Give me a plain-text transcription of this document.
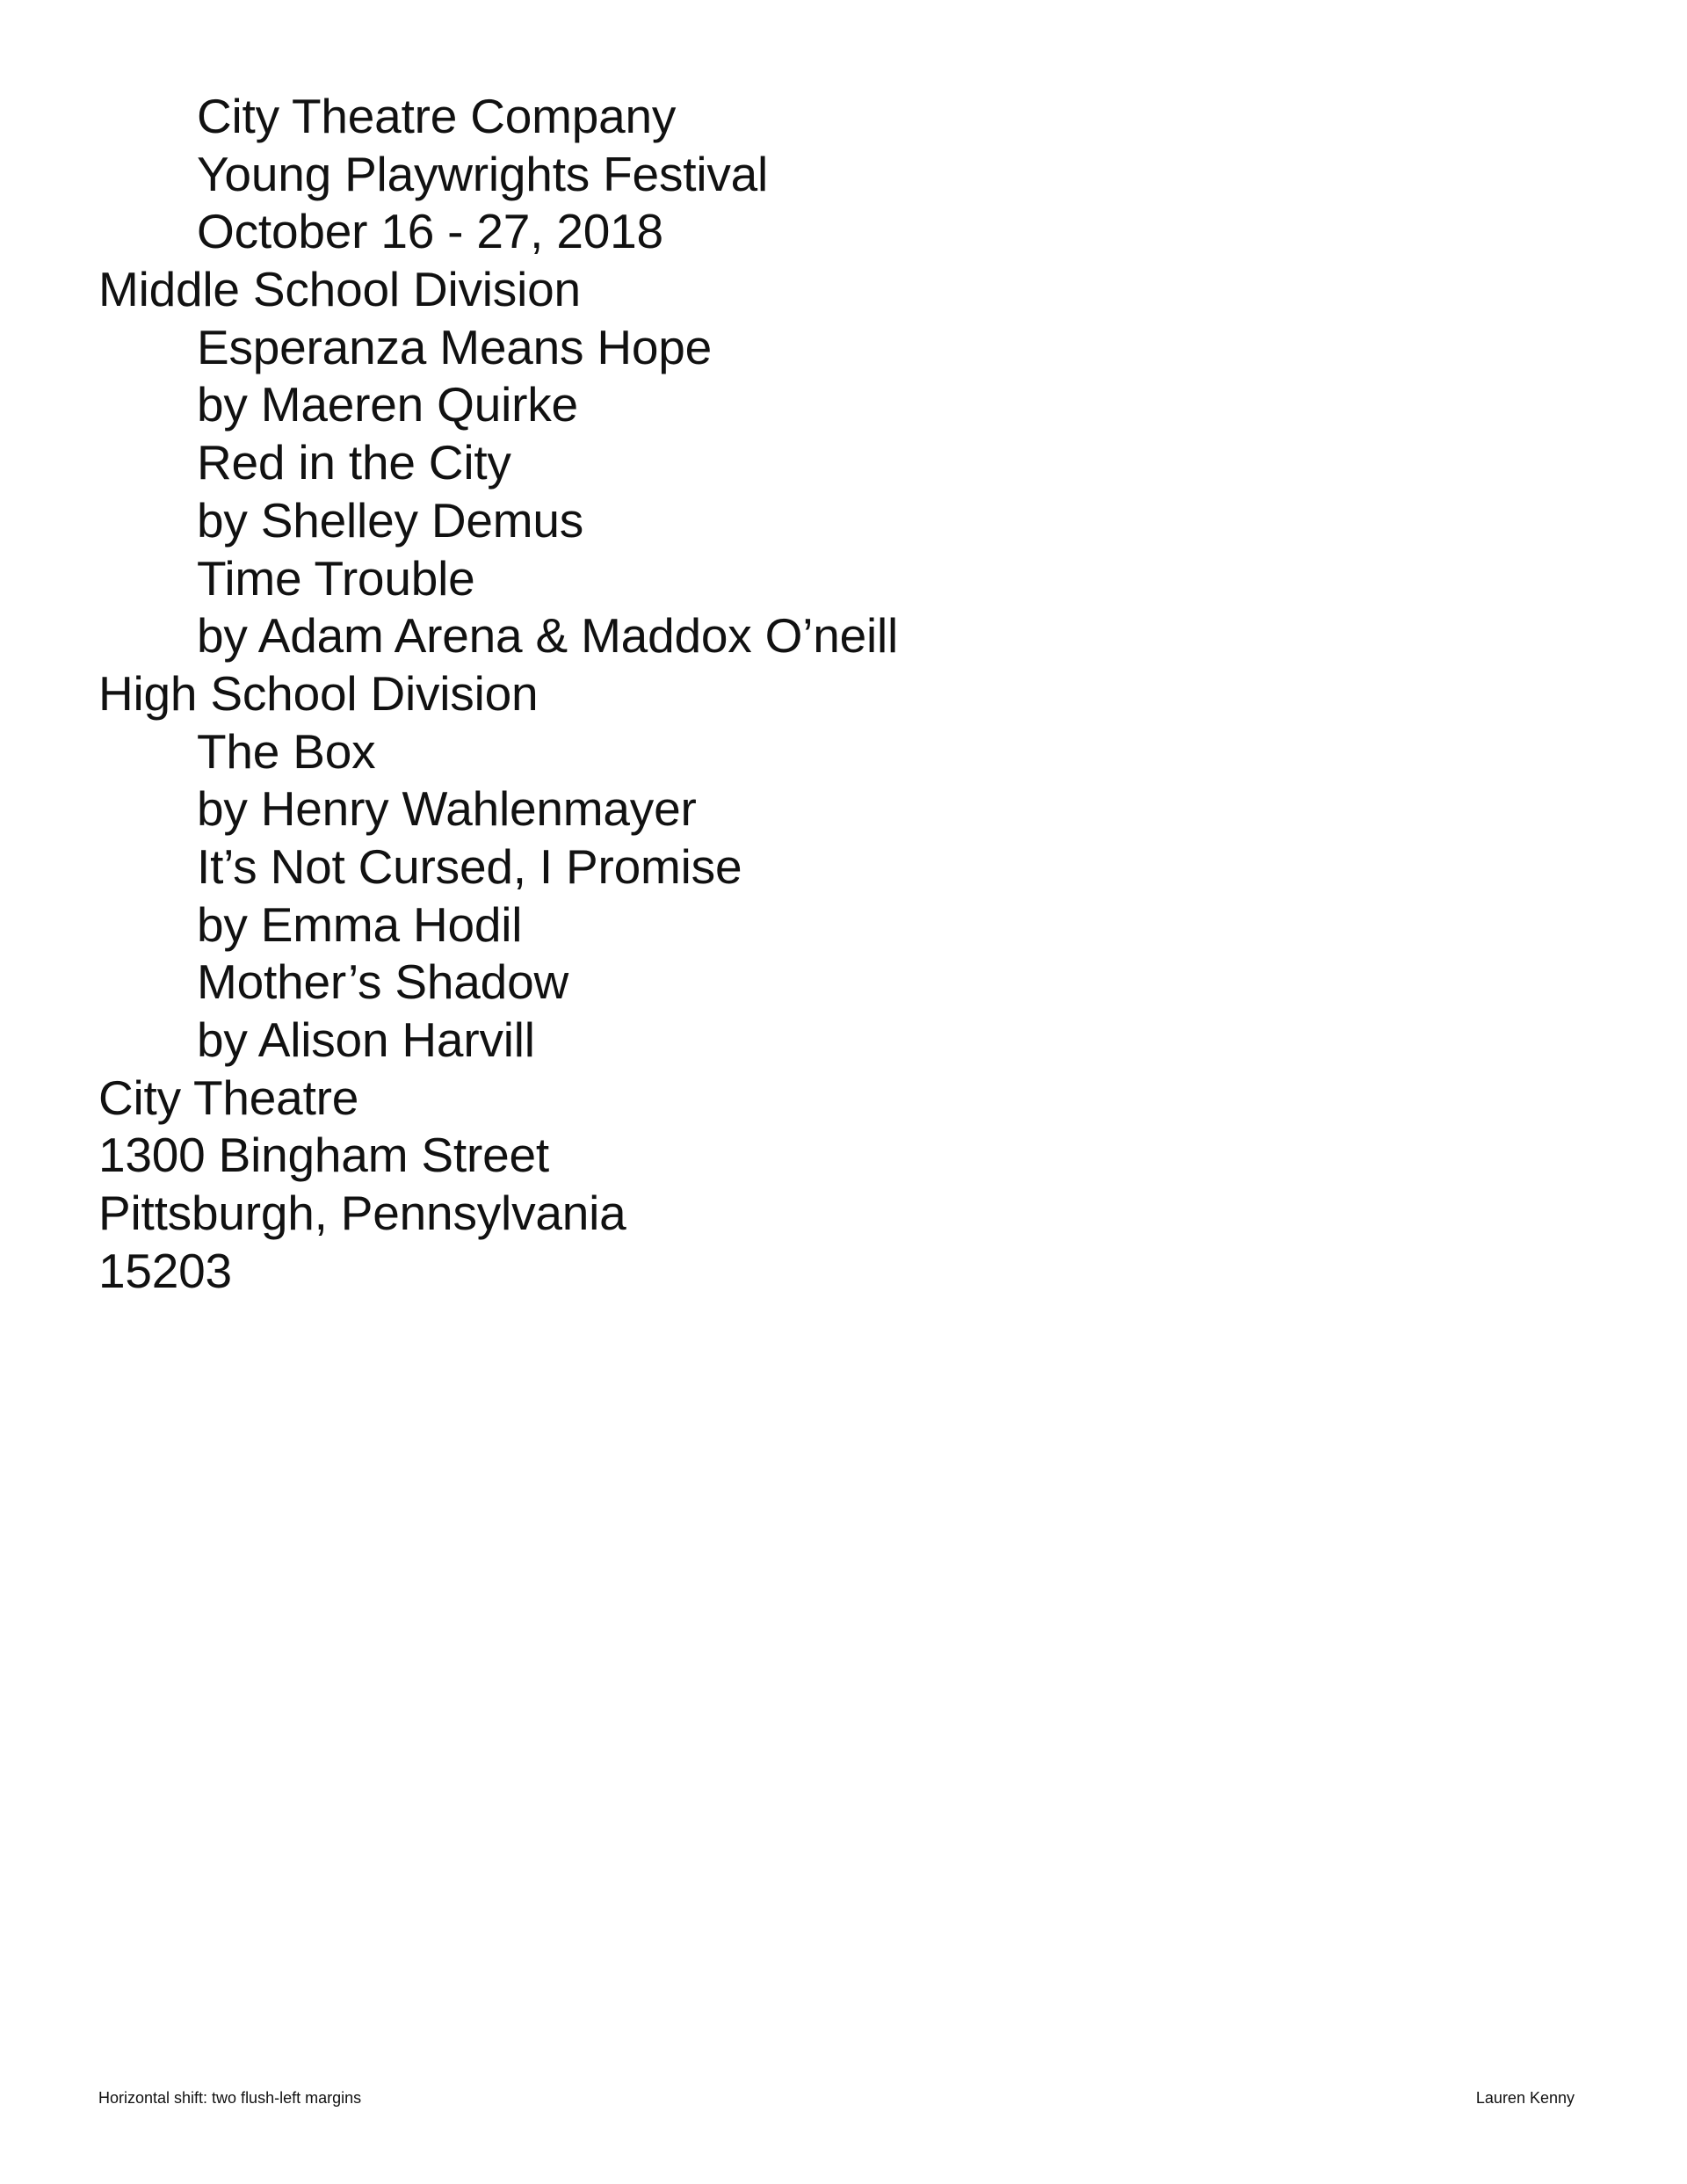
City Theatre Company
Young Playwrights Festival
October 16 - 27, 2018
Middle School Division
Esperanza Means Hope
by Maeren Quirke
Red in the City
by Shelley Demus
Time Trouble
by Adam Arena & Maddox O’neill
High School Division
The Box
by Henry Wahlenmayer
It’s Not Cursed, I Promise
by Emma Hodil
Mother’s Shadow
by Alison Harvill
City Theatre
1300 Bingham Street
Pittsburgh, Pennsylvania
15203
Horizontal shift: two flush-left margins	Lauren Kenny
